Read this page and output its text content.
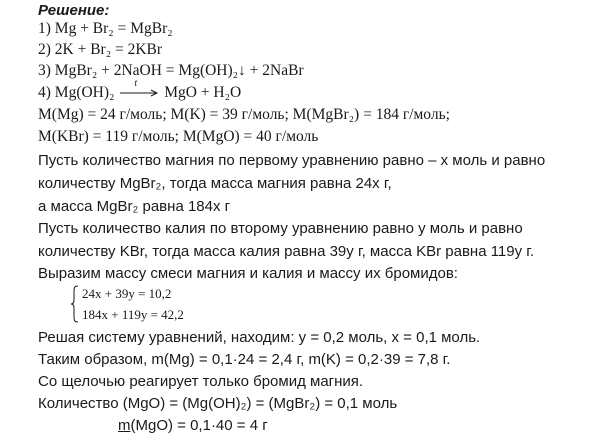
Решение:
1) Mg + Br₂ = MgBr₂
2) 2K + Br₂ = 2KBr
3) MgBr₂ + 2NaOH = Mg(OH)₂↓ + 2NaBr
4) Mg(OH)₂
t
MgO + H₂O
M(Mg) = 24 г/моль; M(K) = 39 г/моль; M(MgBr₂) = 184 г/моль;
M(KBr) = 119 г/моль; M(MgO) = 40 г/моль
Пусть количество магния по первому уравнению равно – х моль и равно
количеству MgBr₂, тогда масса магния равна 24х г,
а масса MgBr₂ равна 184х г
Пусть количество калия по второму уравнению равно у моль и равно
количеству KBr, тогда масса калия равна 39у г, масса KBr равна 119у г.
Выразим массу смеси магния и калия и массу их бромидов:
24x + 39y = 10,2
184x + 119y = 42,2
Решая систему уравнений, находим: у = 0,2 моль, х = 0,1 моль.
Таким образом, m(Mg) = 0,1·24 = 2,4 г, m(K) = 0,2·39 = 7,8 г.
Со щелочью реагирует только бромид магния.
Количество (MgO) = (Mg(OH)₂) = (MgBr₂) = 0,1 моль
m(MgO) = 0,1·40 = 4 г
